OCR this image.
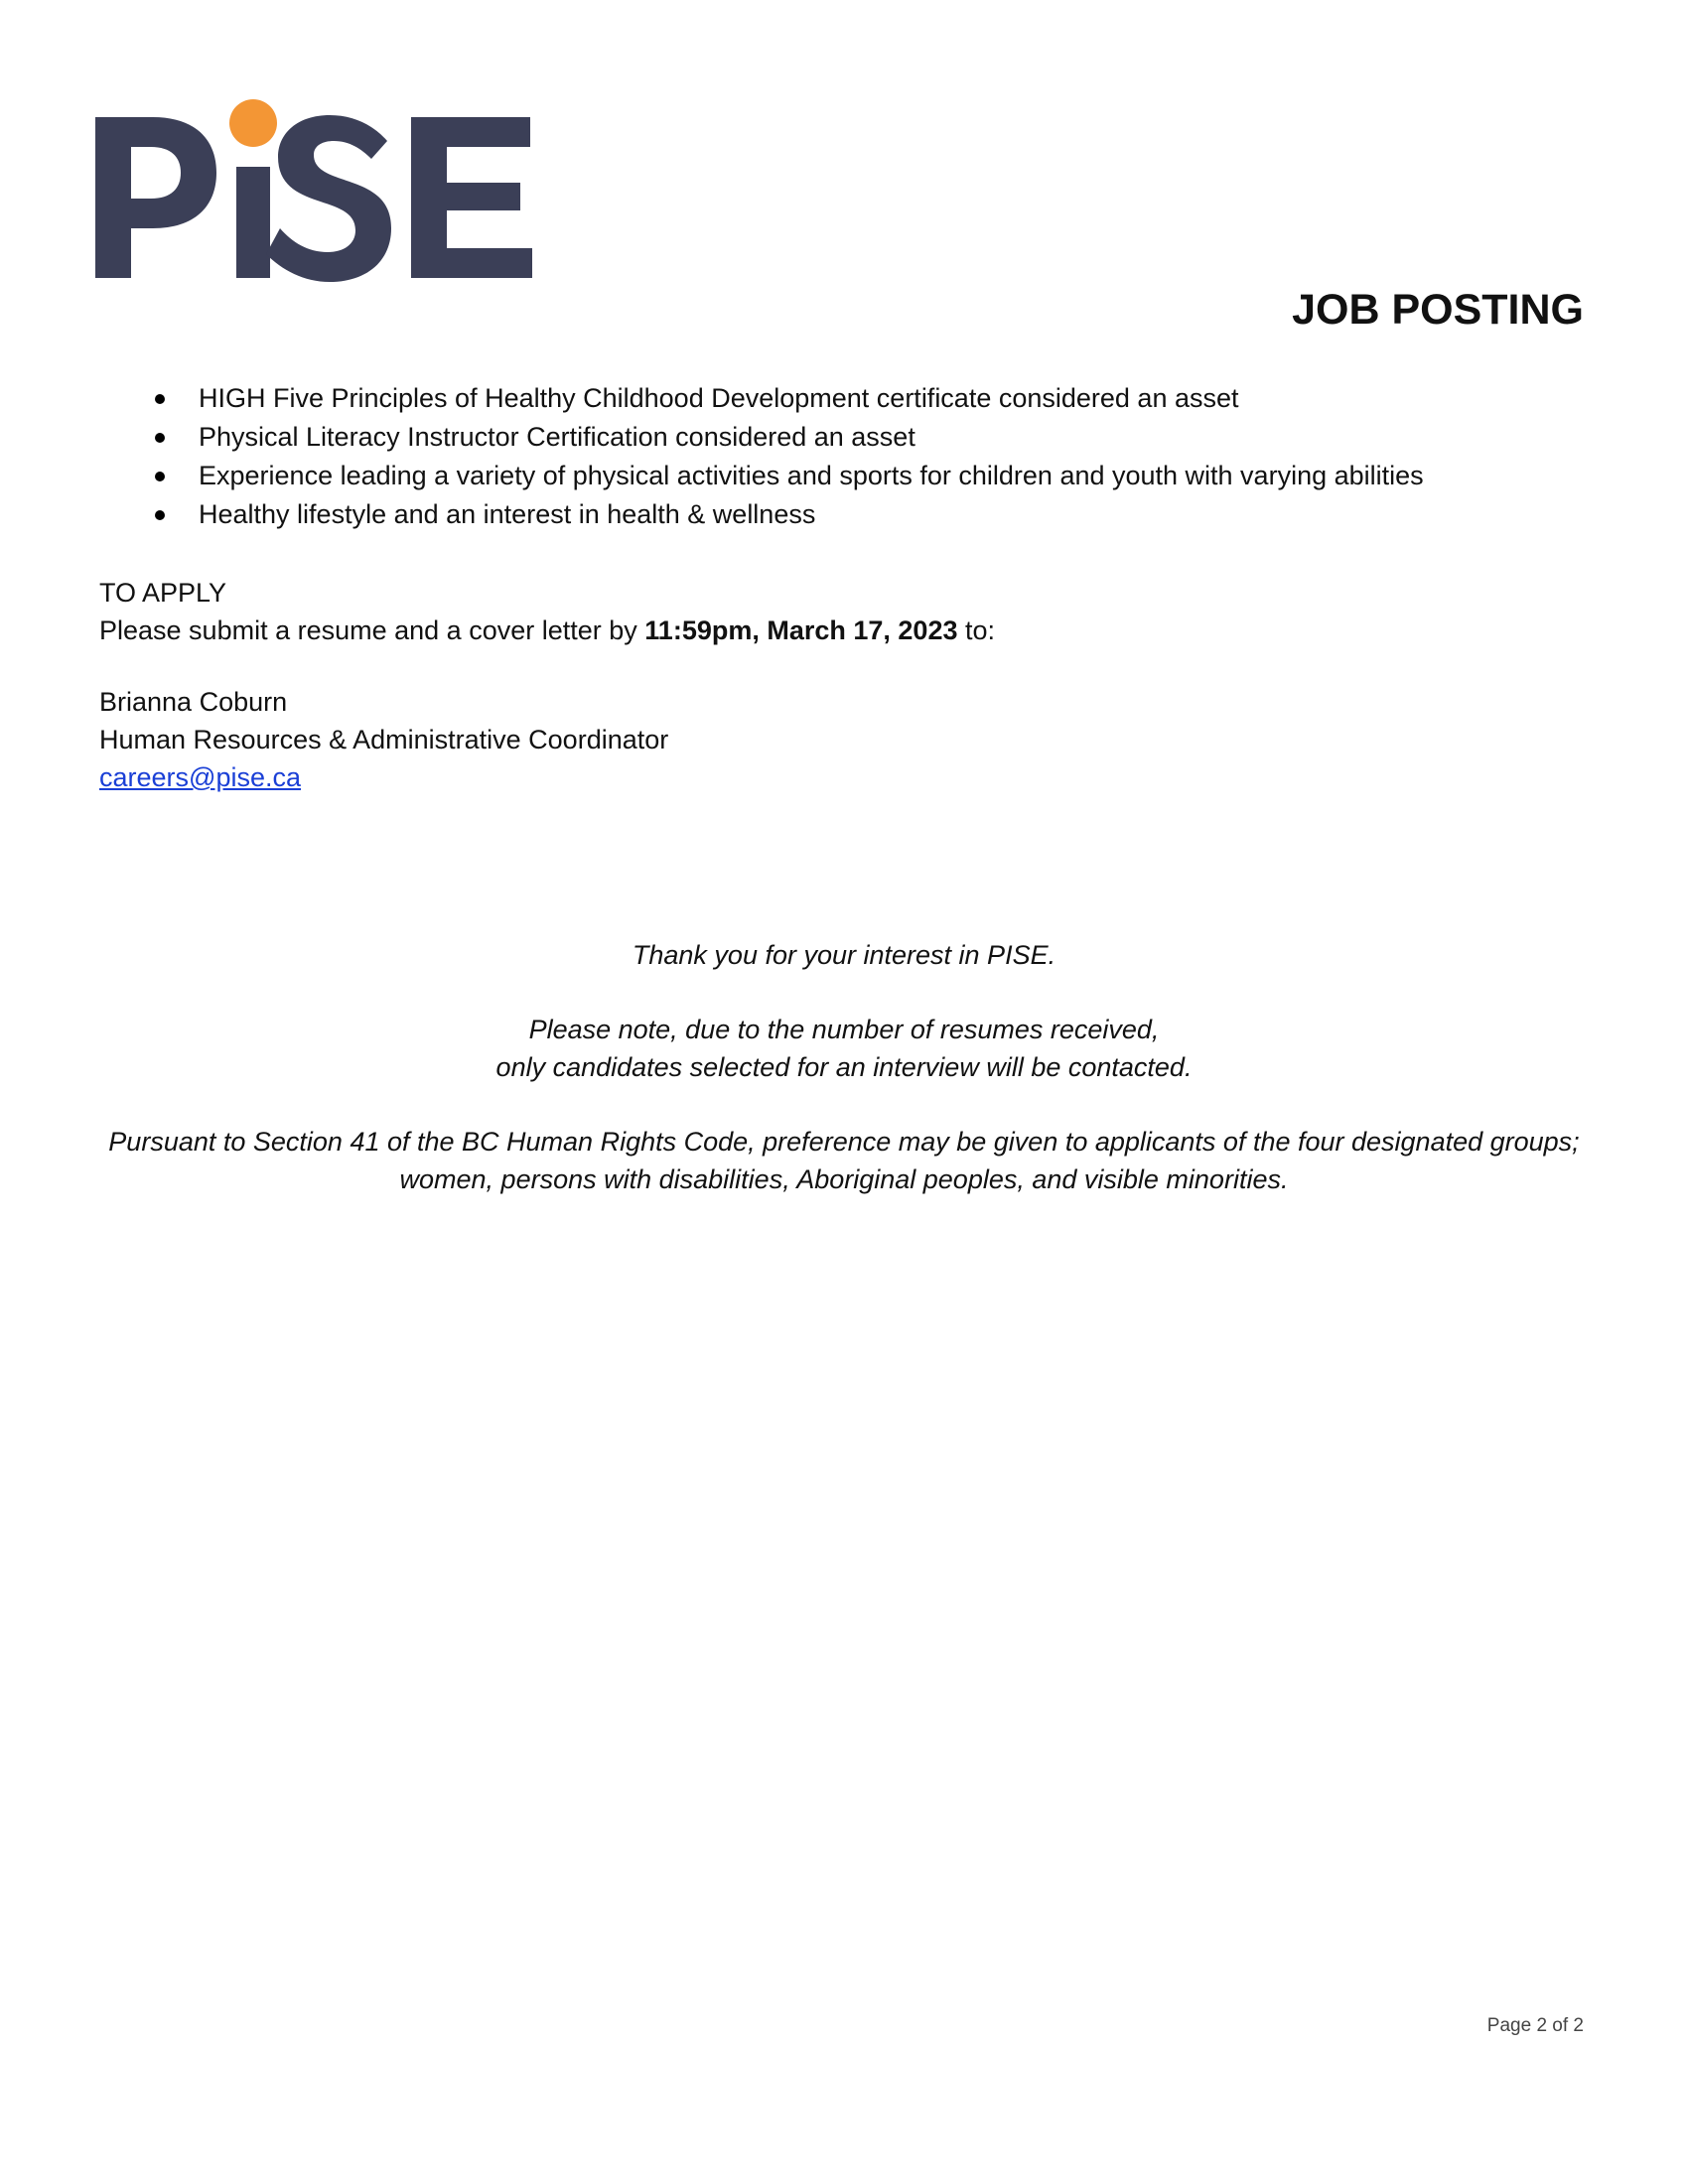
JOB POSTING
HIGH Five Principles of Healthy Childhood Development certificate considered an asset
Physical Literacy Instructor Certification considered an asset
Experience leading a variety of physical activities and sports for children and youth with varying abilities
Healthy lifestyle and an interest in health & wellness
TO APPLY
Please submit a resume and a cover letter by 11:59pm, March 17, 2023 to:
Brianna Coburn
Human Resources & Administrative Coordinator
careers@pise.ca
Thank you for your interest in PISE.
Please note, due to the number of resumes received,
only candidates selected for an interview will be contacted.
Pursuant to Section 41 of the BC Human Rights Code, preference may be given to applicants of the four designated groups;
women, persons with disabilities, Aboriginal peoples, and visible minorities.
Page 2 of 2
